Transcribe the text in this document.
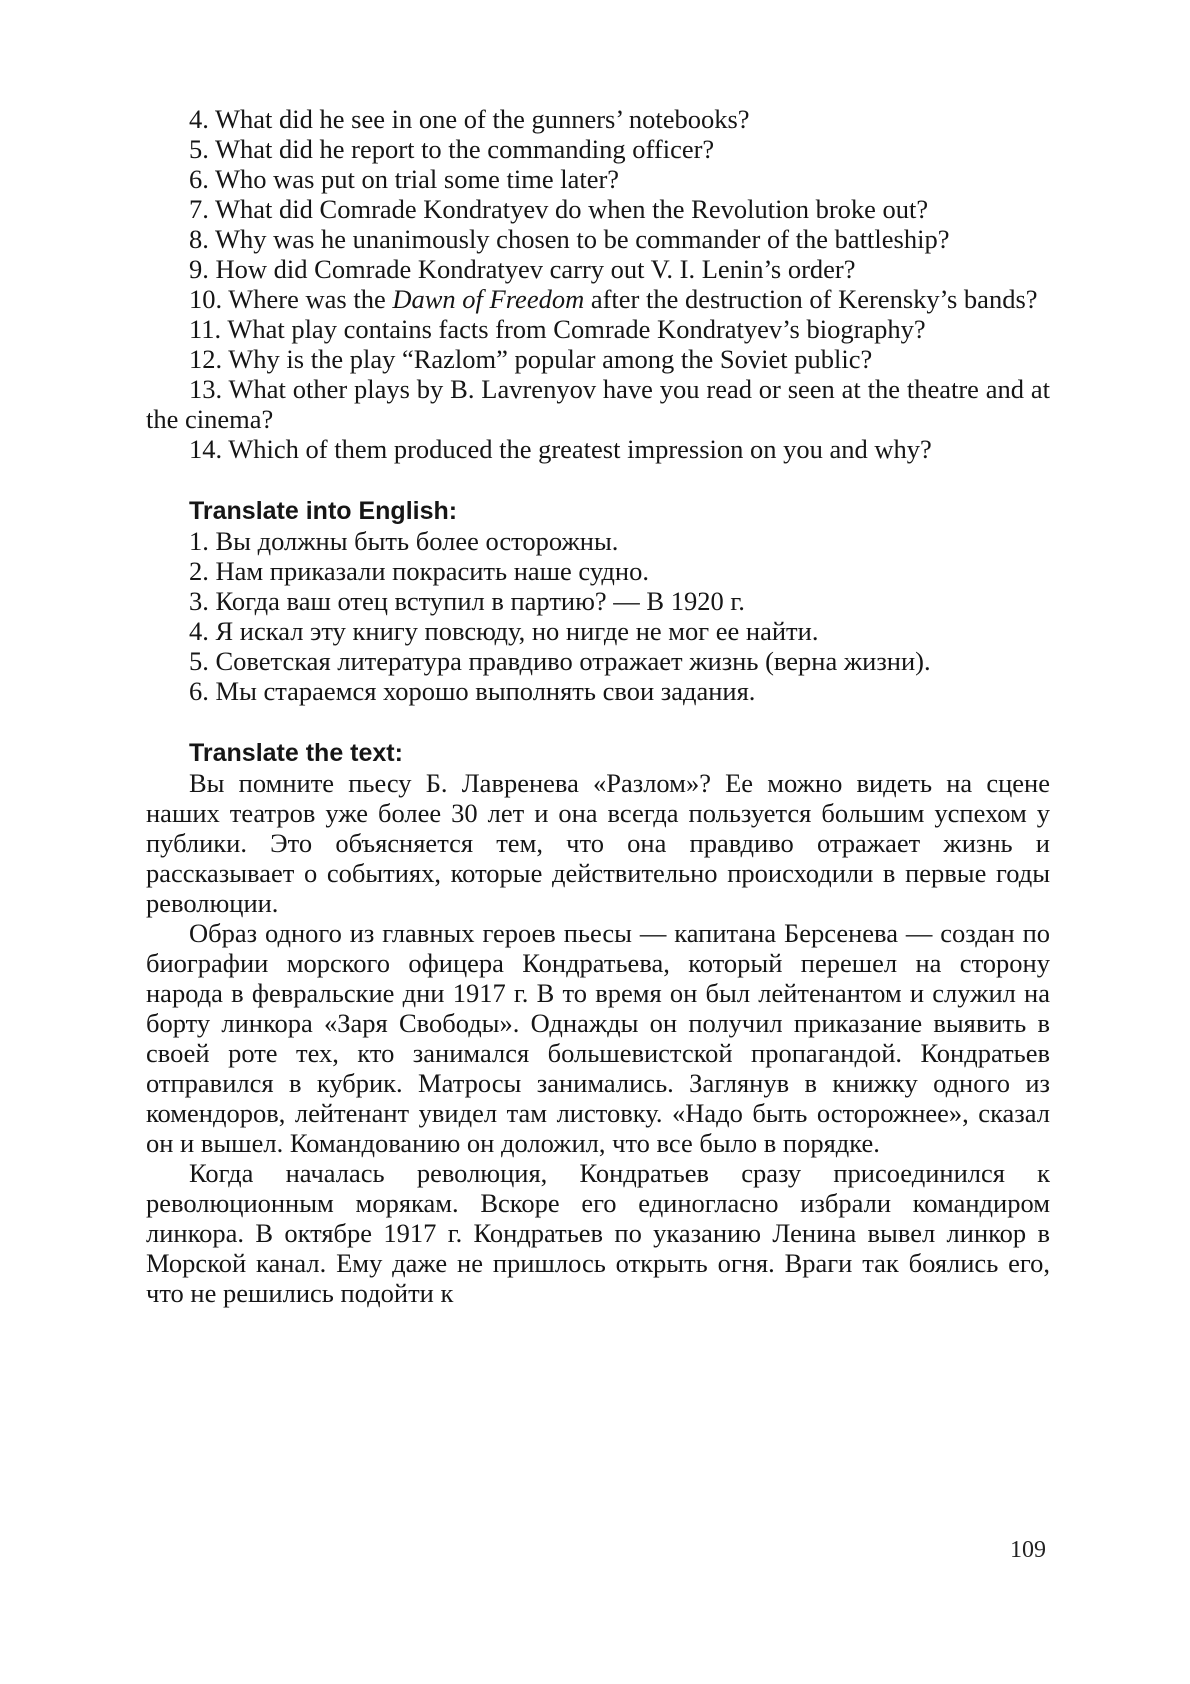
4. What did he see in one of the gunners’ notebooks?

5. What did he report to the commanding officer?

6. Who was put on trial some time later?

7. What did Comrade Kondratyev do when the Revolution broke out?

8. Why was he unanimously chosen to be commander of the battleship?

9. How did Comrade Kondratyev carry out V. I. Lenin’s order?

10. Where was the Dawn of Freedom after the destruction of Kerensky’s bands?

11. What play contains facts from Comrade Kondratyev’s biography?

12. Why is the play “Razlom” popular among the Soviet public?

13. What other plays by B. Lavrenyov have you read or seen at the theatre and at the cinema?

14. Which of them produced the greatest impression on you and why?

Translate into English:

1. Вы должны быть более осторожны.

2. Нам приказали покрасить наше судно.

3. Когда ваш отец вступил в партию? — В 1920 г.

4. Я искал эту книгу повсюду, но нигде не мог ее найти.

5. Советская литература правдиво отражает жизнь (верна жизни).

6. Мы стараемся хорошо выполнять свои задания.

Translate the text:

Вы помните пьесу Б. Лавренева «Разлом»? Ее можно видеть на сцене наших театров уже более 30 лет и она всегда пользуется большим успехом у публики. Это объясняется тем, что она правдиво отражает жизнь и рассказывает о событиях, которые действительно происходили в первые годы революции.

Образ одного из главных героев пьесы — капитана Берсенева — создан по биографии морского офицера Кондратьева, который перешел на сторону народа в февральские дни 1917 г. В то время он был лейтенантом и служил на борту линкора «Заря Свободы». Однажды он получил приказание выявить в своей роте тех, кто занимался большевистской пропагандой. Кондратьев отправился в кубрик. Матросы занимались. Заглянув в книжку одного из комендоров, лейтенант увидел там листовку. «Надо быть осторожнее», сказал он и вышел. Командованию он доложил, что все было в порядке.

Когда началась революция, Кондратьев сразу присоединился к революционным морякам. Вскоре его единогласно избрали командиром линкора. В октябре 1917 г. Кондратьев по указанию Ленина вывел линкор в Морской канал. Ему даже не пришлось открыть огня. Враги так боялись его, что не решились подойти к

109
